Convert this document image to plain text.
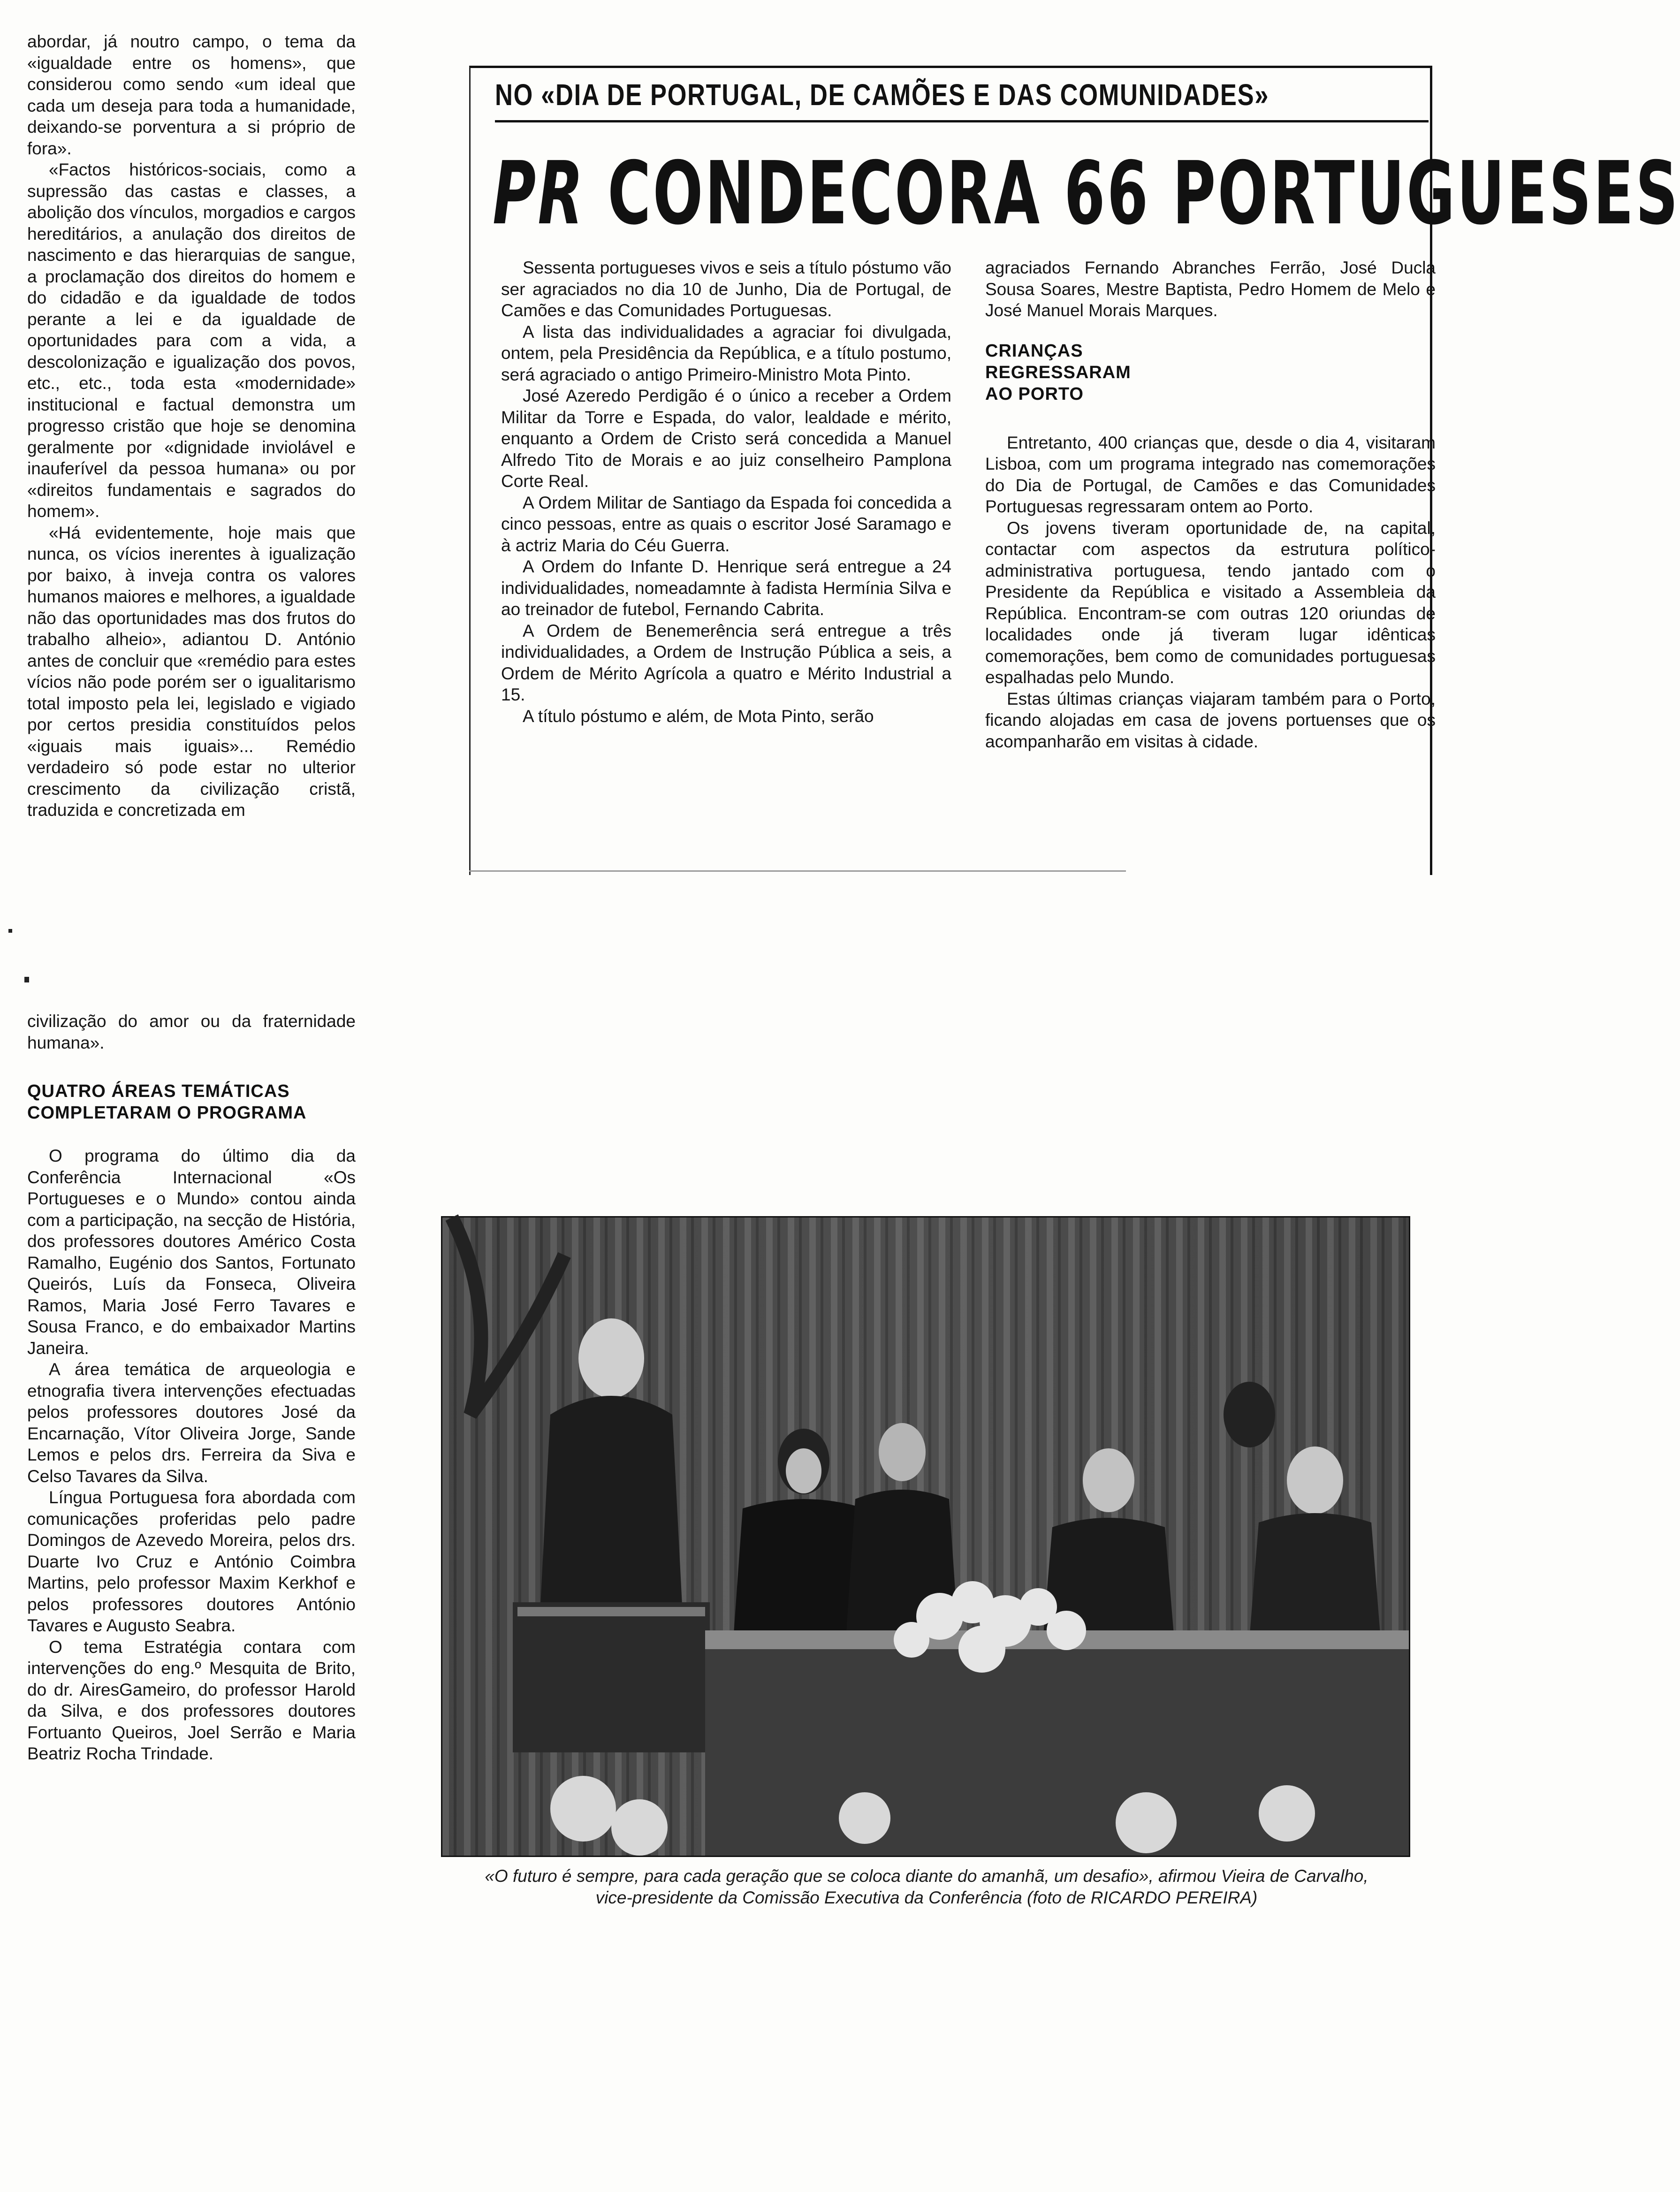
abordar, já noutro campo, o tema da «igualdade entre os homens», que considerou como sendo «um ideal que cada um deseja para toda a humanidade, deixando-se porventura a si próprio de fora».

«Factos históricos-sociais, como a supressão das castas e classes, a abolição dos vínculos, morgadios e cargos hereditários, a anulação dos direitos de nascimento e das hierarquias de sangue, a proclamação dos direitos do homem e do cidadão e da igualdade de todos perante a lei e da igualdade de oportunidades para com a vida, a descolonização e igualização dos povos, etc., etc., toda esta «modernidade» institucional e factual demonstra um progresso cristão que hoje se denomina geralmente por «dignidade inviolável e inauferível da pessoa humana» ou por «direitos fundamentais e sagrados do homem».

«Há evidentemente, hoje mais que nunca, os vícios inerentes à igualização por baixo, à inveja contra os valores humanos maiores e melhores, a igualdade não das oportunidades mas dos frutos do trabalho alheio», adiantou D. António antes de concluir que «remédio para estes vícios não pode porém ser o igualitarismo total imposto pela lei, legislado e vigiado por certos presidia constituídos pelos «iguais mais iguais»... Remédio verdadeiro só pode estar no ulterior crescimento da civilização cristã, traduzida e concretizada em

civilização do amor ou da fraternidade humana».

QUATRO ÁREAS TEMÁTICAS COMPLETARAM O PROGRAMA

O programa do último dia da Conferência Internacional «Os Portugueses e o Mundo» contou ainda com a participação, na secção de História, dos professores doutores Américo Costa Ramalho, Eugénio dos Santos, Fortunato Queirós, Luís da Fonseca, Oliveira Ramos, Maria José Ferro Tavares e Sousa Franco, e do embaixador Martins Janeira.

A área temática de arqueologia e etnografia tivera intervenções efectuadas pelos professores doutores José da Encarnação, Vítor Oliveira Jorge, Sande Lemos e pelos drs. Ferreira da Siva e Celso Tavares da Silva.

Língua Portuguesa fora abordada com comunicações proferidas pelo padre Domingos de Azevedo Moreira, pelos drs. Duarte Ivo Cruz e António Coimbra Martins, pelo professor Maxim Kerkhof e pelos professores doutores António Tavares e Augusto Seabra.

O tema Estratégia contara com intervenções do eng.º Mesquita de Brito, do dr. AiresGameiro, do professor Harold da Silva, e dos professores doutores Fortuanto Queiros, Joel Serrão e Maria Beatriz Rocha Trindade.

NO «DIA DE PORTUGAL, DE CAMÕES E DAS COMUNIDADES»
PR CONDECORA 66 PORTUGUESES

Sessenta portugueses vivos e seis a título póstumo vão ser agraciados no dia 10 de Junho, Dia de Portugal, de Camões e das Comunidades Portuguesas.

A lista das individualidades a agraciar foi divulgada, ontem, pela Presidência da República, e a título postumo, será agraciado o antigo Primeiro-Ministro Mota Pinto.

José Azeredo Perdigão é o único a receber a Ordem Militar da Torre e Espada, do valor, lealdade e mérito, enquanto a Ordem de Cristo será concedida a Manuel Alfredo Tito de Morais e ao juiz conselheiro Pamplona Corte Real.

A Ordem Militar de Santiago da Espada foi concedida a cinco pessoas, entre as quais o escritor José Saramago e à actriz Maria do Céu Guerra.

A Ordem do Infante D. Henrique será entregue a 24 individualidades, nomeadamnte à fadista Hermínia Silva e ao treinador de futebol, Fernando Cabrita.

A Ordem de Benemerência será entregue a três individualidades, a Ordem de Instrução Pública a seis, a Ordem de Mérito Agrícola a quatro e Mérito Industrial a 15.

A título póstumo e além, de Mota Pinto, serão

agraciados Fernando Abranches Ferrão, José Ducla Sousa Soares, Mestre Baptista, Pedro Homem de Melo e José Manuel Morais Marques.

CRIANÇAS REGRESSARAM AO PORTO

Entretanto, 400 crianças que, desde o dia 4, visitaram Lisboa, com um programa integrado nas comemorações do Dia de Portugal, de Camões e das Comunidades Portuguesas regressaram ontem ao Porto.

Os jovens tiveram oportunidade de, na capital, contactar com aspectos da estrutura político-administrativa portuguesa, tendo jantado com o Presidente da República e visitado a Assembleia da República. Encontram-se com outras 120 oriundas de localidades onde já tiveram lugar idênticas comemorações, bem como de comunidades portuguesas espalhadas pelo Mundo.

Estas últimas crianças viajaram também para o Porto, ficando alojadas em casa de jovens portuenses que os acompanharão em visitas à cidade.

«O futuro é sempre, para cada geração que se coloca diante do amanhã, um desafio», afirmou Vieira de Carvalho,
vice-presidente da Comissão Executiva da Conferência (foto de RICARDO PEREIRA)
